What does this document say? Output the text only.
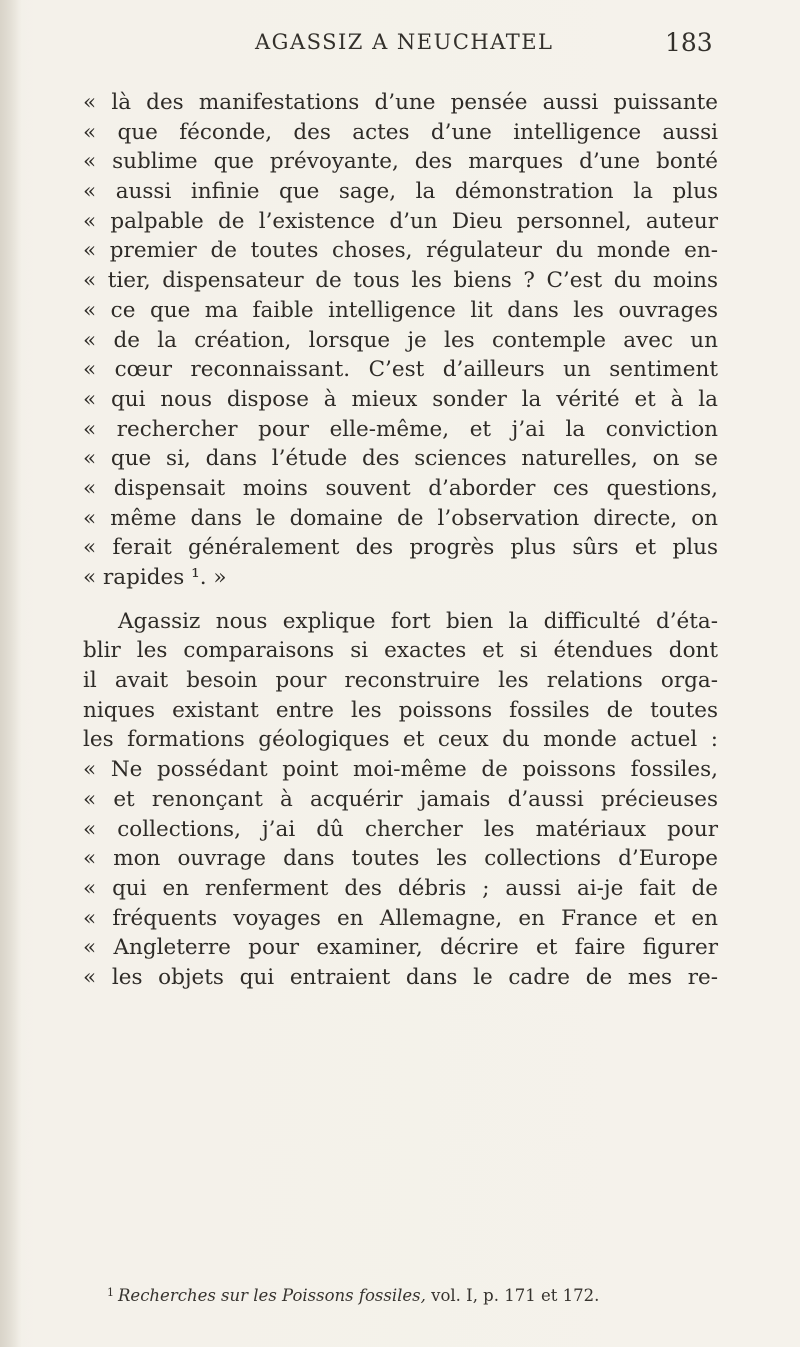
AGASSIZ A NEUCHATEL	183
« là des manifestations d’une pensée aussi puissante
« que féconde, des actes d’une intelligence aussi
« sublime que prévoyante, des marques d’une bonté
« aussi infinie que sage, la démonstration la plus
« palpable de l’existence d’un Dieu personnel, auteur
« premier de toutes choses, régulateur du monde en-
« tier, dispensateur de tous les biens ? C’est du moins
« ce que ma faible intelligence lit dans les ouvrages
« de la création, lorsque je les contemple avec un
« cœur reconnaissant. C’est d’ailleurs un sentiment
« qui nous dispose à mieux sonder la vérité et à la
« rechercher pour elle-même, et j’ai la conviction
« que si, dans l’étude des sciences naturelles, on se
« dispensait moins souvent d’aborder ces questions,
« même dans le domaine de l’observation directe, on
« ferait généralement des progrès plus sûrs et plus
« rapides ¹. »
Agassiz nous explique fort bien la difficulté d’éta-
blir les comparaisons si exactes et si étendues dont
il avait besoin pour reconstruire les relations orga-
niques existant entre les poissons fossiles de toutes
les formations géologiques et ceux du monde actuel :
« Ne possédant point moi-même de poissons fossiles,
« et renonçant à acquérir jamais d’aussi précieuses
« collections, j’ai dû chercher les matériaux pour
« mon ouvrage dans toutes les collections d’Europe
« qui en renferment des débris ; aussi ai-je fait de
« fréquents voyages en Allemagne, en France et en
« Angleterre pour examiner, décrire et faire figurer
« les objets qui entraient dans le cadre de mes re-
$^1$ Recherches sur les Poissons fossiles, vol. I, p. 171 et 172.
